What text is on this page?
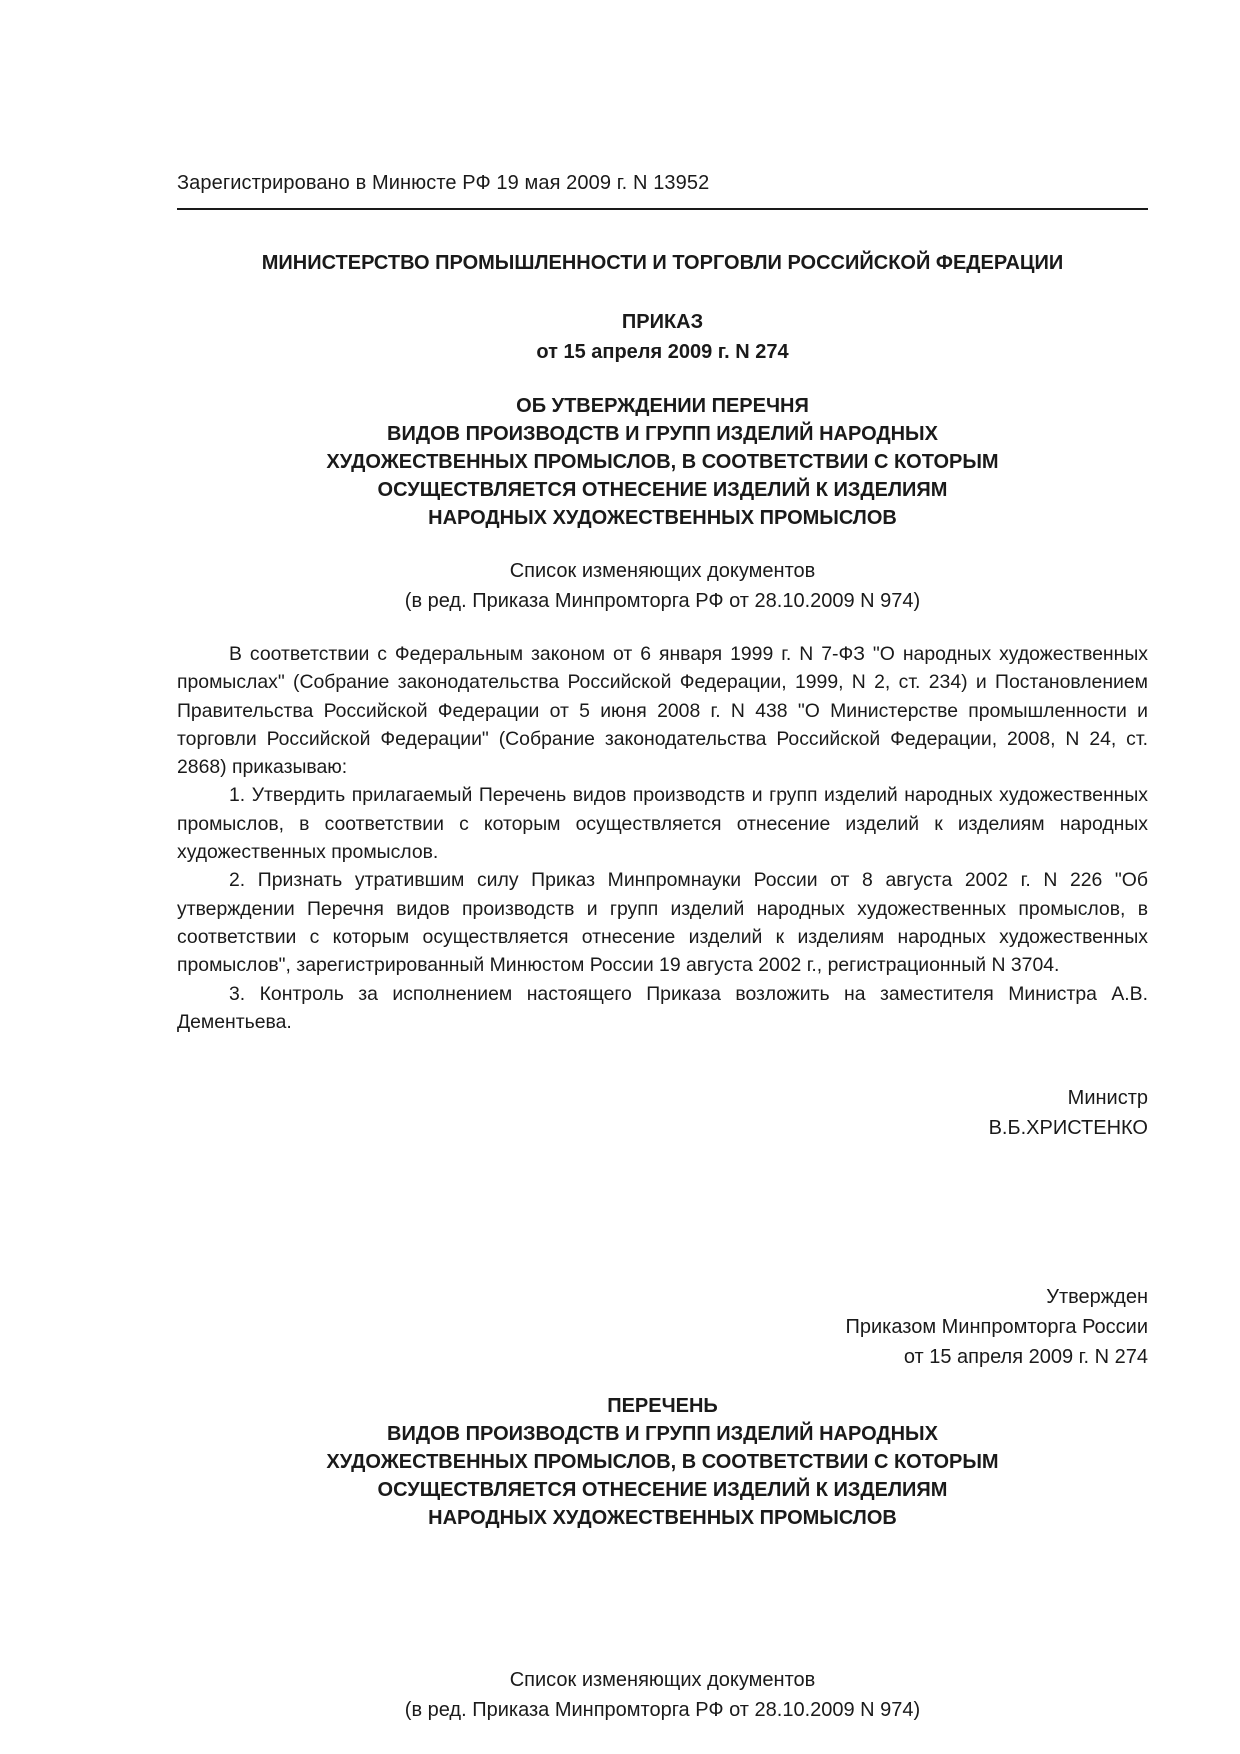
Зарегистрировано в Минюсте РФ 19 мая 2009 г. N 13952
МИНИСТЕРСТВО ПРОМЫШЛЕННОСТИ И ТОРГОВЛИ РОССИЙСКОЙ ФЕДЕРАЦИИ
ПРИКАЗ
от 15 апреля 2009 г. N 274
ОБ УТВЕРЖДЕНИИ ПЕРЕЧНЯ
ВИДОВ ПРОИЗВОДСТВ И ГРУПП ИЗДЕЛИЙ НАРОДНЫХ
ХУДОЖЕСТВЕННЫХ ПРОМЫСЛОВ, В СООТВЕТСТВИИ С КОТОРЫМ
ОСУЩЕСТВЛЯЕТСЯ ОТНЕСЕНИЕ ИЗДЕЛИЙ К ИЗДЕЛИЯМ
НАРОДНЫХ ХУДОЖЕСТВЕННЫХ ПРОМЫСЛОВ
Список изменяющих документов
(в ред. Приказа Минпромторга РФ от 28.10.2009 N 974)

В соответствии с Федеральным законом от 6 января 1999 г. N 7-ФЗ "О народных художественных промыслах" (Собрание законодательства Российской Федерации, 1999, N 2, ст. 234) и Постановлением Правительства Российской Федерации от 5 июня 2008 г. N 438 "О Министерстве промышленности и торговли Российской Федерации" (Собрание законодательства Российской Федерации, 2008, N 24, ст. 2868) приказываю:

1. Утвердить прилагаемый Перечень видов производств и групп изделий народных художественных промыслов, в соответствии с которым осуществляется отнесение изделий к изделиям народных художественных промыслов.

2. Признать утратившим силу Приказ Минпромнауки России от 8 августа 2002 г. N 226 "Об утверждении Перечня видов производств и групп изделий народных художественных промыслов, в соответствии с которым осуществляется отнесение изделий к изделиям народных художественных промыслов", зарегистрированный Минюстом России 19 августа 2002 г., регистрационный N 3704.

3. Контроль за исполнением настоящего Приказа возложить на заместителя Министра А.В. Дементьева.

Министр
В.Б.ХРИСТЕНКО
Утвержден
Приказом Минпромторга России
от 15 апреля 2009 г. N 274
ПЕРЕЧЕНЬ
ВИДОВ ПРОИЗВОДСТВ И ГРУПП ИЗДЕЛИЙ НАРОДНЫХ
ХУДОЖЕСТВЕННЫХ ПРОМЫСЛОВ, В СООТВЕТСТВИИ С КОТОРЫМ
ОСУЩЕСТВЛЯЕТСЯ ОТНЕСЕНИЕ ИЗДЕЛИЙ К ИЗДЕЛИЯМ
НАРОДНЫХ ХУДОЖЕСТВЕННЫХ ПРОМЫСЛОВ
Список изменяющих документов
(в ред. Приказа Минпромторга РФ от 28.10.2009 N 974)
